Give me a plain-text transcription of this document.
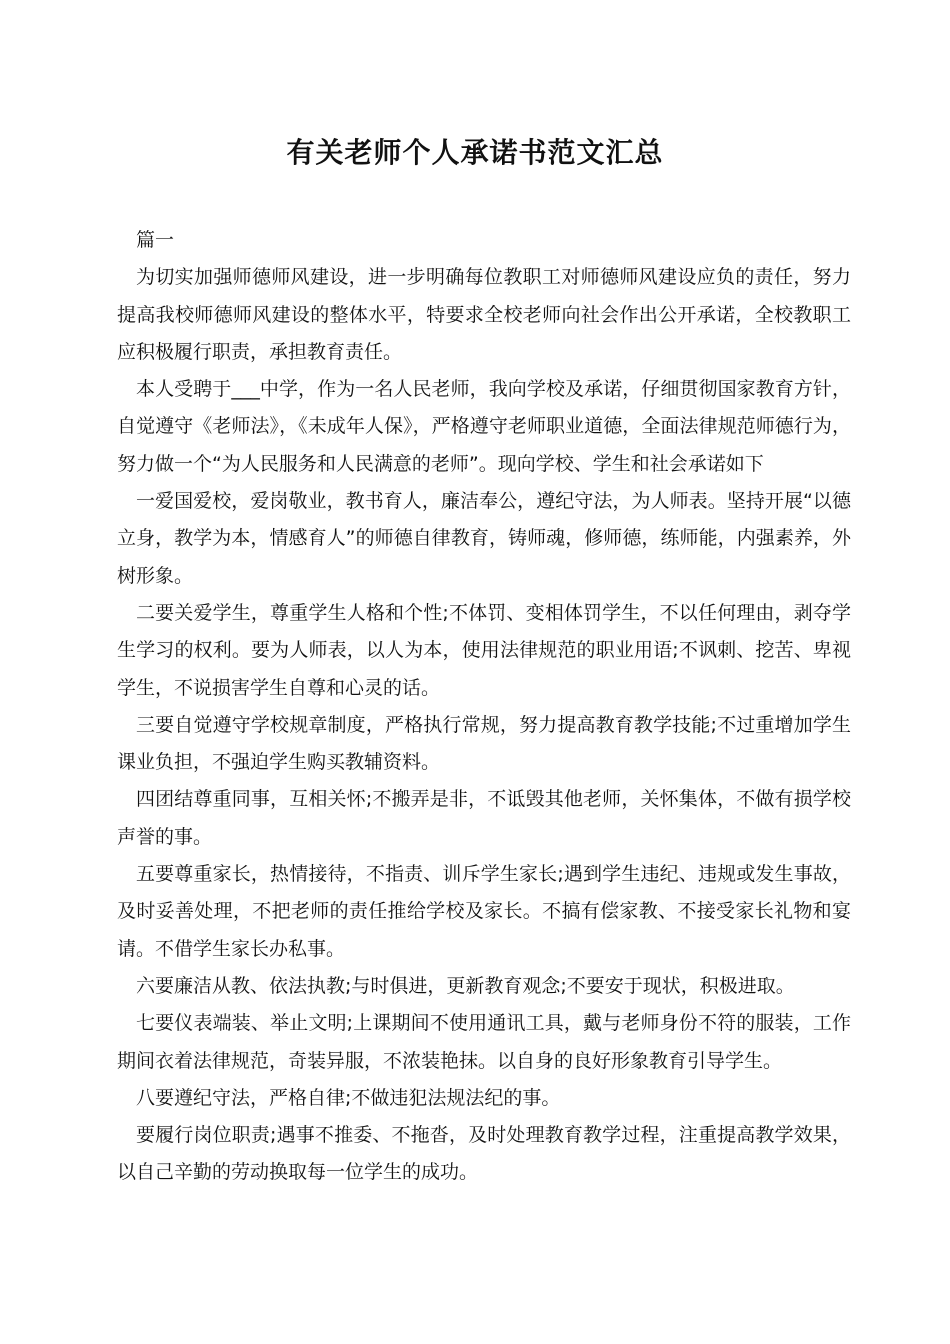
有关老师个人承诺书范文汇总

篇一

为切实加强师德师风建设，进一步明确每位教职工对师德师风建设应负的责任，努力提高我校师德师风建设的整体水平，特要求全校老师向社会作出公开承诺，全校教职工应积极履行职责，承担教育责任。

本人受聘于___中学，作为一名人民老师，我向学校及承诺，仔细贯彻国家教育方针，自觉遵守《老师法》，《未成年人保》，严格遵守老师职业道德，全面法律规范师德行为，努力做一个“为人民服务和人民满意的老师”。现向学校、学生和社会承诺如下

一爱国爱校，爱岗敬业，教书育人，廉洁奉公，遵纪守法，为人师表。坚持开展“以德立身，教学为本，情感育人”的师德自律教育，铸师魂，修师德，练师能，内强素养，外树形象。

二要关爱学生，尊重学生人格和个性;不体罚、变相体罚学生，不以任何理由，剥夺学生学习的权利。要为人师表，以人为本，使用法律规范的职业用语;不讽刺、挖苦、卑视学生，不说损害学生自尊和心灵的话。

三要自觉遵守学校规章制度，严格执行常规，努力提高教育教学技能;不过重增加学生课业负担，不强迫学生购买教辅资料。

四团结尊重同事，互相关怀;不搬弄是非，不诋毁其他老师，关怀集体，不做有损学校声誉的事。

五要尊重家长，热情接待，不指责、训斥学生家长;遇到学生违纪、违规或发生事故，及时妥善处理，不把老师的责任推给学校及家长。不搞有偿家教、不接受家长礼物和宴请。不借学生家长办私事。

六要廉洁从教、依法执教;与时俱进，更新教育观念;不要安于现状，积极进取。

七要仪表端装、举止文明;上课期间不使用通讯工具，戴与老师身份不符的服装，工作期间衣着法律规范，奇装异服，不浓装艳抹。以自身的良好形象教育引导学生。

八要遵纪守法，严格自律;不做违犯法规法纪的事。

要履行岗位职责;遇事不推委、不拖沓，及时处理教育教学过程，注重提高教学效果，以自己辛勤的劳动换取每一位学生的成功。
